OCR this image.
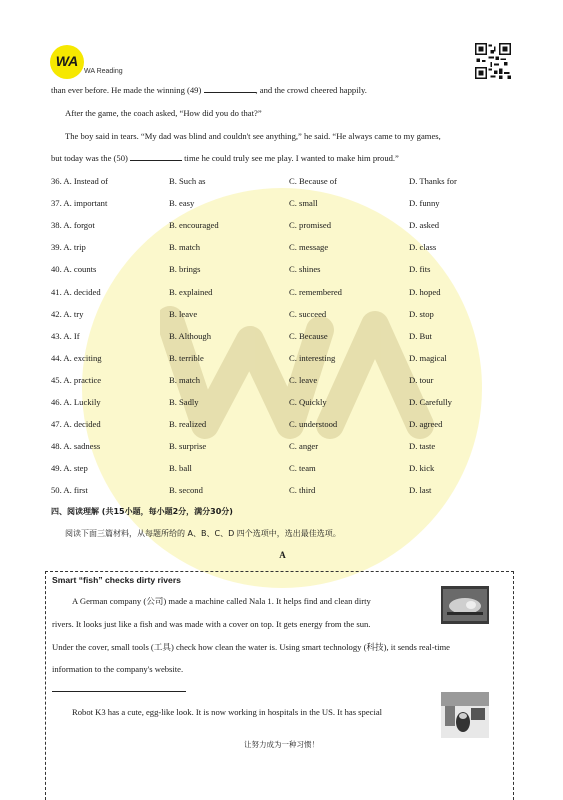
WA
WA Reading
than ever before. He made the winning (49)	, and the crowd cheered happily.
After the game, the coach asked, “How did you do that?”
The boy said in tears. “My dad was blind and couldn't see anything,” he said. “He always came to my games,
but today was the (50)	time he could truly see me play. I wanted to make him proud.”
36. A. Instead of	B. Such as	C. Because of	D. Thanks for
37. A. important	B. easy	C. small	D. funny
38. A. forgot	B. encouraged	C. promised	D. asked
39. A. trip	B. match	C. message	D. class
40. A. counts	B. brings	C. shines	D. fits
41. A. decided	B. explained	C. remembered	D. hoped
42. A. try	B. leave	C. succeed	D. stop
43. A. If	B. Although	C. Because	D. But
44. A. exciting	B. terrible	C. interesting	D. magical
45. A. practice	B. match	C. leave	D. tour
46. A. Luckily	B. Sadly	C. Quickly	D. Carefully
47. A. decided	B. realized	C. understood	D. agreed
48. A. sadness	B. surprise	C. anger	D. taste
49. A. step	B. ball	C. team	D. kick
50. A. first	B. second	C. third	D. last
四、阅读理解 (共15小题，每小题2分，满分30分)
阅读下面三篇材料，从每题所给的 A、B、C、D 四个选项中，选出最佳选项。
A
Smart “fish” checks dirty rivers
A German company (公司) made a machine called Nala 1. It helps find and clean dirty
rivers. It looks just like a fish and was made with a cover on top. It gets energy from the sun.
Under the cover, small tools (工具) check how clean the water is. Using smart technology (科技), it sends real-time
information to the company's website.
Robot K3 has a cute, egg-like look. It is now working in hospitals in the US. It has special
让努力成为一种习惯！
